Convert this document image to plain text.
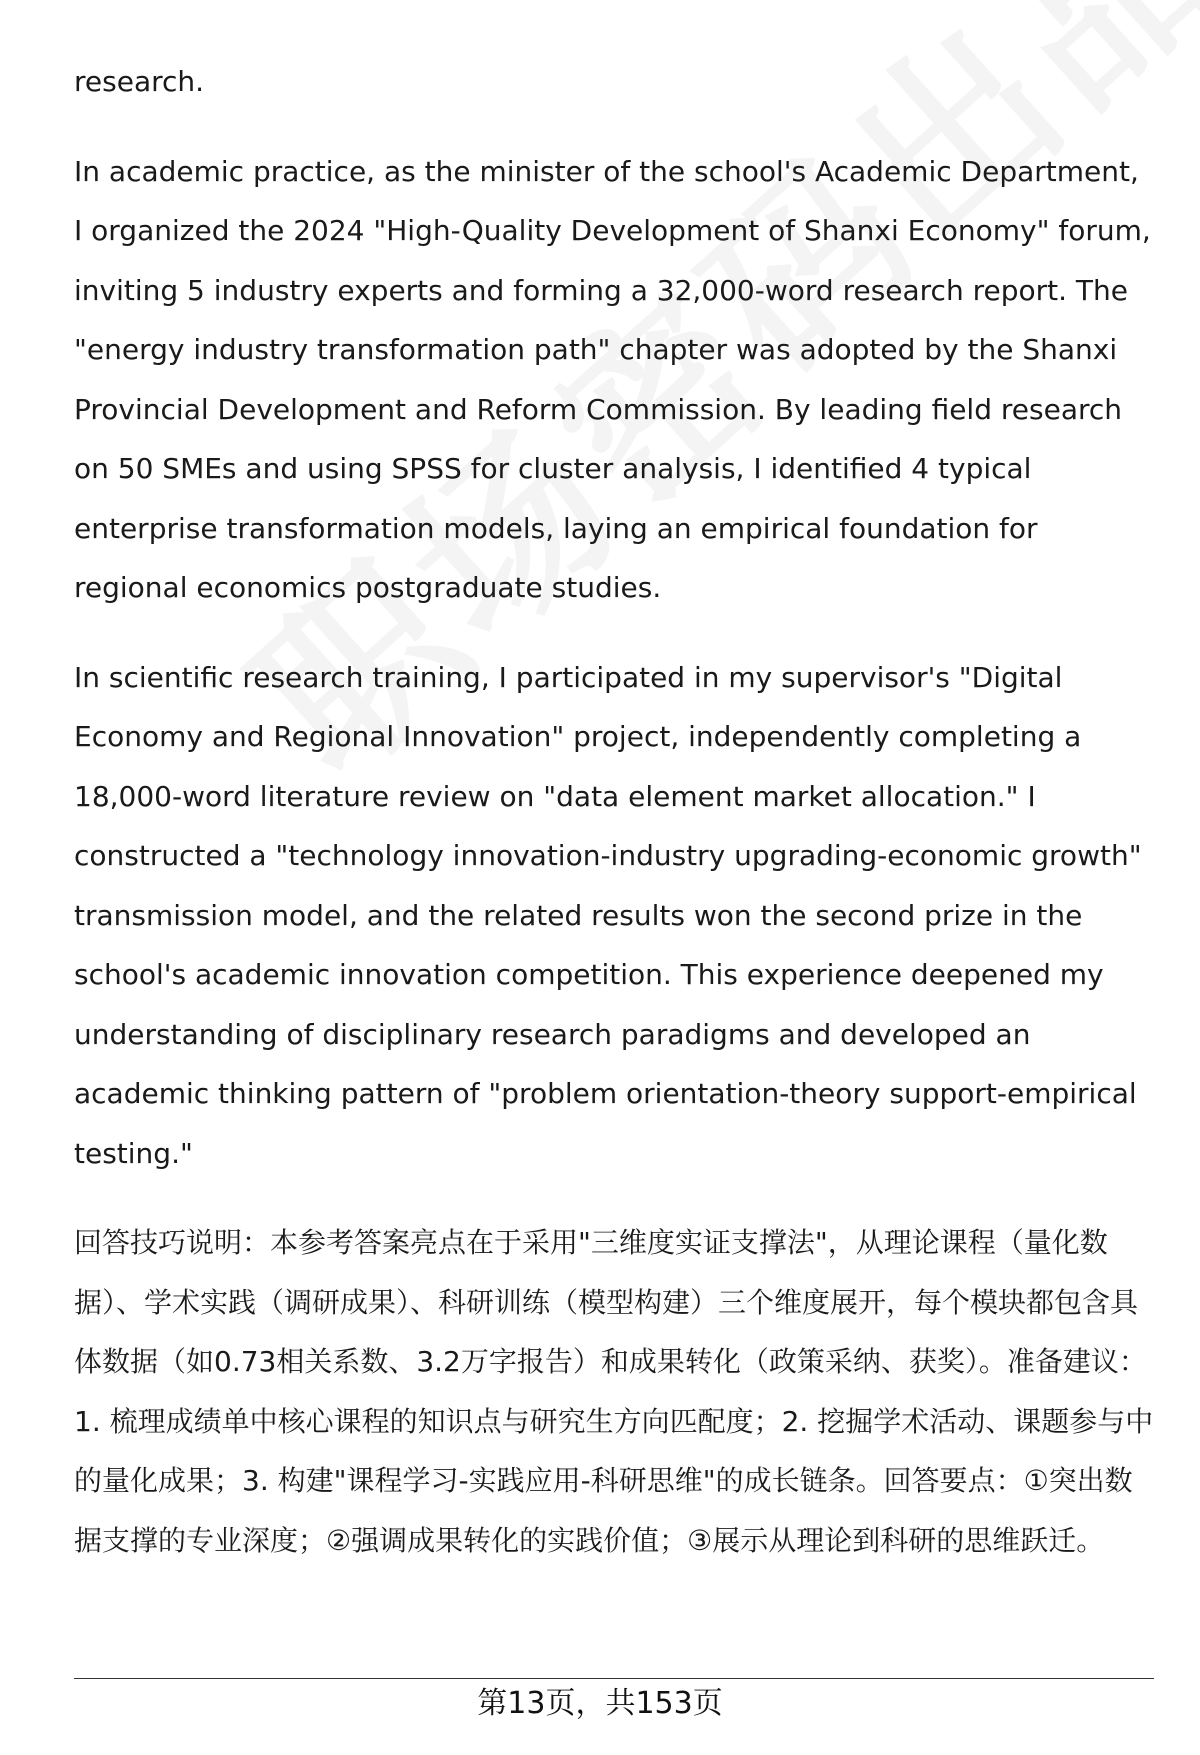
research.

In academic practice, as the minister of the school's Academic Department, I organized the 2024 "High-Quality Development of Shanxi Economy" forum, inviting 5 industry experts and forming a 32,000-word research report. The "energy industry transformation path" chapter was adopted by the Shanxi Provincial Development and Reform Commission. By leading field research on 50 SMEs and using SPSS for cluster analysis, I identified 4 typical enterprise transformation models, laying an empirical foundation for regional economics postgraduate studies.

In scientific research training, I participated in my supervisor's "Digital Economy and Regional Innovation" project, independently completing a 18,000-word literature review on "data element market allocation." I constructed a "technology innovation-industry upgrading-economic growth" transmission model, and the related results won the second prize in the school's academic innovation competition. This experience deepened my understanding of disciplinary research paradigms and developed an academic thinking pattern of "problem orientation-theory support-empirical testing."

回答技巧说明：本参考答案亮点在于采用"三维度实证支撑法"，从理论课程（量化数据）、学术实践（调研成果）、科研训练（模型构建）三个维度展开，每个模块都包含具体数据（如0.73相关系数、3.2万字报告）和成果转化（政策采纳、获奖）。准备建议：1. 梳理成绩单中核心课程的知识点与研究生方向匹配度；2. 挖掘学术活动、课题参与中的量化成果；3. 构建"课程学习-实践应用-科研思维"的成长链条。回答要点：①突出数据支撑的专业深度；②强调成果转化的实践价值；③展示从理论到科研的思维跃迁。

第13页，共153页
